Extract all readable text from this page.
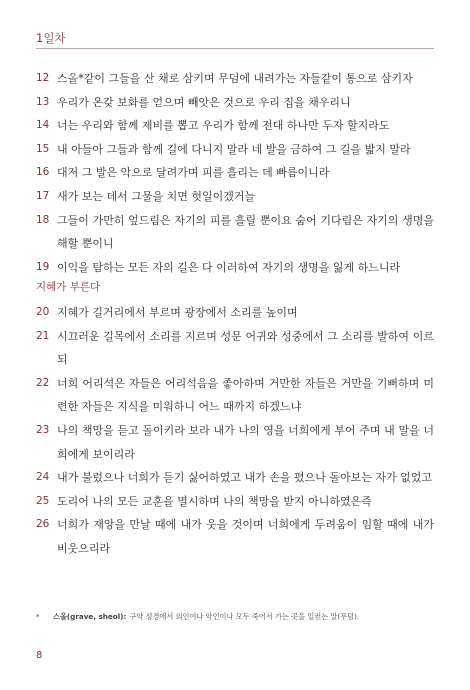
1일차
12 스올*같이 그들을 산 채로 삼키며 무덤에 내려가는 자들같이 통으로 삼키자
13 우리가 온갖 보화를 얻으며 빼앗은 것으로 우리 집을 채우리니
14 너는 우리와 함께 제비를 뽑고 우리가 함께 전대 하나만 두자 할지라도
15 내 아들아 그들과 함께 길에 다니지 말라 네 발을 금하여 그 길을 밟지 말라
16 대저 그 발은 악으로 달려가며 피를 흘리는 데 빠름이니라
17 새가 보는 데서 그물을 치면 헛일이겠거늘
18 그들이 가만히 엎드림은 자기의 피를 흘릴 뿐이요 숨어 기다림은 자기의 생명을 해할 뿐이니
19 이익을 탐하는 모든 자의 길은 다 이러하여 자기의 생명을 잃게 하느니라
지혜가 부른다
20 지혜가 길거리에서 부르며 광장에서 소리를 높이며
21 시끄러운 길목에서 소리를 지르며 성문 어귀와 성중에서 그 소리를 발하여 이르되
22 너희 어리석은 자들은 어리석음을 좋아하며 거만한 자들은 거만을 기뻐하며 미련한 자들은 지식을 미워하니 어느 때까지 하겠느냐
23 나의 책망을 듣고 돌이키라 보라 내가 나의 영을 너희에게 부어 주며 내 말을 너희에게 보이리라
24 내가 불렀으나 너희가 듣기 싫어하였고 내가 손을 폈으나 돌아보는 자가 없었고
25 도리어 나의 모든 교훈을 멸시하며 나의 책망을 받지 아니하였은즉
26 너희가 재앙을 만날 때에 내가 웃을 것이며 너희에게 두려움이 임할 때에 내가 비웃으리라
*	스올(grave, sheol): 구약 성경에서 의인이나 악인이나 모두 죽어서 가는 곳을 일컫는 말(무덤).
8
